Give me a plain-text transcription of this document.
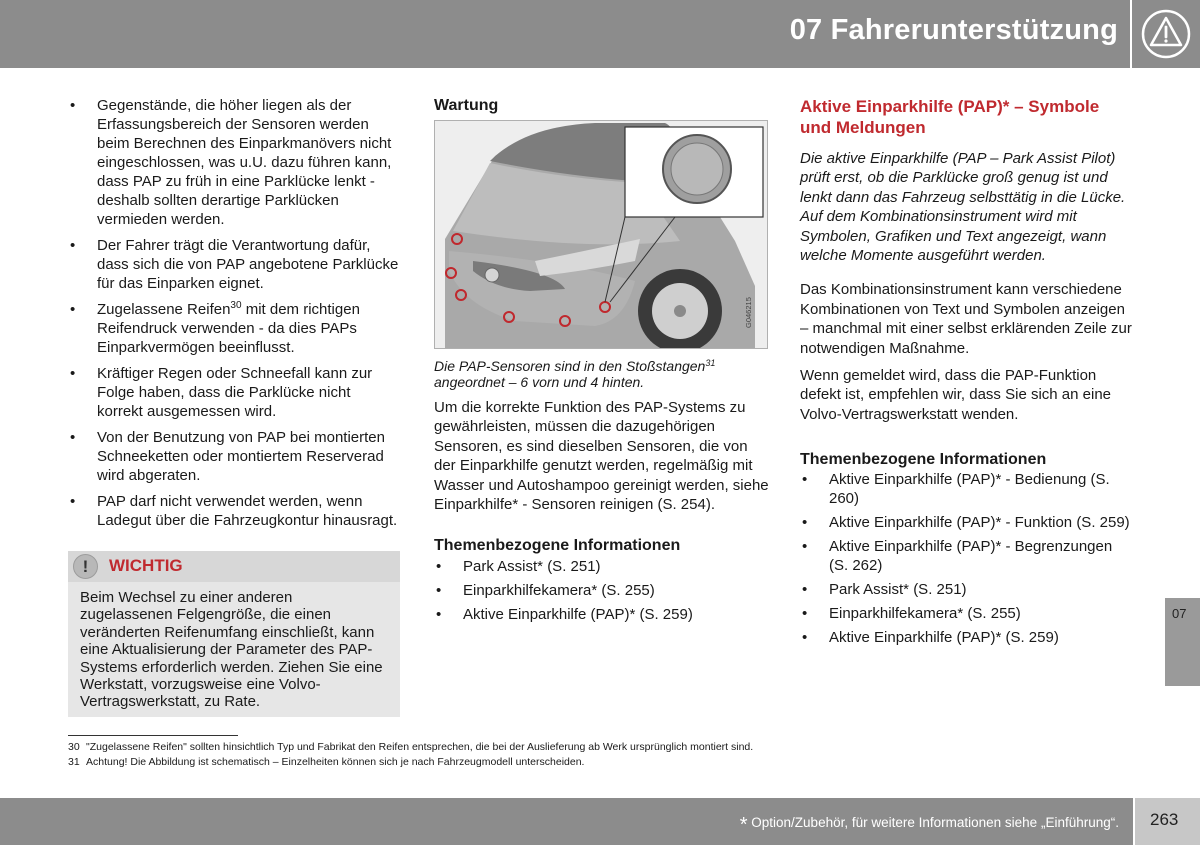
07 Fahrerunterstützung
• Gegenstände, die höher liegen als der Erfassungsbereich der Sensoren werden beim Berechnen des Einparkmanövers nicht eingeschlossen, was u.U. dazu führen kann, dass PAP zu früh in eine Parklücke lenkt - deshalb sollten derartige Parklücken vermieden werden.
• Der Fahrer trägt die Verantwortung dafür, dass sich die von PAP angebotene Parklücke für das Einparken eignet.
• Zugelassene Reifen$^{30}$ mit dem richtigen Reifendruck verwenden - da dies PAPs Einparkvermögen beeinflusst.
• Kräftiger Regen oder Schneefall kann zur Folge haben, dass die Parklücke nicht korrekt ausgemessen wird.
• Von der Benutzung von PAP bei montierten Schneeketten oder montiertem Reserverad wird abgeraten.
• PAP darf nicht verwendet werden, wenn Ladegut über die Fahrzeugkontur hinausragt.
!	WICHTIG
Beim Wechsel zu einer anderen zugelassenen Felgengröße, die einen veränderten Reifenumfang einschließt, kann eine Aktualisierung der Parameter des PAP-Systems erforderlich werden. Ziehen Sie eine Werkstatt, vorzugsweise eine Volvo-Vertragswerkstatt, zu Rate.
Wartung
G046215
Die PAP-Sensoren sind in den Stoßstangen$^{31}$ angeordnet – 6 vorn und 4 hinten.
Um die korrekte Funktion des PAP-Systems zu gewährleisten, müssen die dazugehörigen Sensoren, es sind dieselben Sensoren, die von der Einparkhilfe genutzt werden, regelmäßig mit Wasser und Autoshampoo gereinigt werden, siehe Einparkhilfe* - Sensoren reinigen (S. 254).
Themenbezogene Informationen
• Park Assist* (S. 251)
• Einparkhilfekamera* (S. 255)
• Aktive Einparkhilfe (PAP)* (S. 259)
Aktive Einparkhilfe (PAP)* – Symbole und Meldungen
Die aktive Einparkhilfe (PAP – Park Assist Pilot) prüft erst, ob die Parklücke groß genug ist und lenkt dann das Fahrzeug selbsttätig in die Lücke. Auf dem Kombinationsinstrument wird mit Symbolen, Grafiken und Text angezeigt, wann welche Momente ausgeführt werden.
Das Kombinationsinstrument kann verschiedene Kombinationen von Text und Symbolen anzeigen – manchmal mit einer selbst erklärenden Zeile zur notwendigen Maßnahme.
Wenn gemeldet wird, dass die PAP-Funktion defekt ist, empfehlen wir, dass Sie sich an eine Volvo-Vertragswerkstatt wenden.
Themenbezogene Informationen
• Aktive Einparkhilfe (PAP)* - Bedienung (S. 260)
• Aktive Einparkhilfe (PAP)* - Funktion (S. 259)
• Aktive Einparkhilfe (PAP)* - Begrenzungen (S. 262)
• Park Assist* (S. 251)
• Einparkhilfekamera* (S. 255)
• Aktive Einparkhilfe (PAP)* (S. 259)
07
30 "Zugelassene Reifen" sollten hinsichtlich Typ und Fabrikat den Reifen entsprechen, die bei der Auslieferung ab Werk ursprünglich montiert sind.
31 Achtung! Die Abbildung ist schematisch – Einzelheiten können sich je nach Fahrzeugmodell unterscheiden.
* Option/Zubehör, für weitere Informationen siehe „Einführung“. 263
